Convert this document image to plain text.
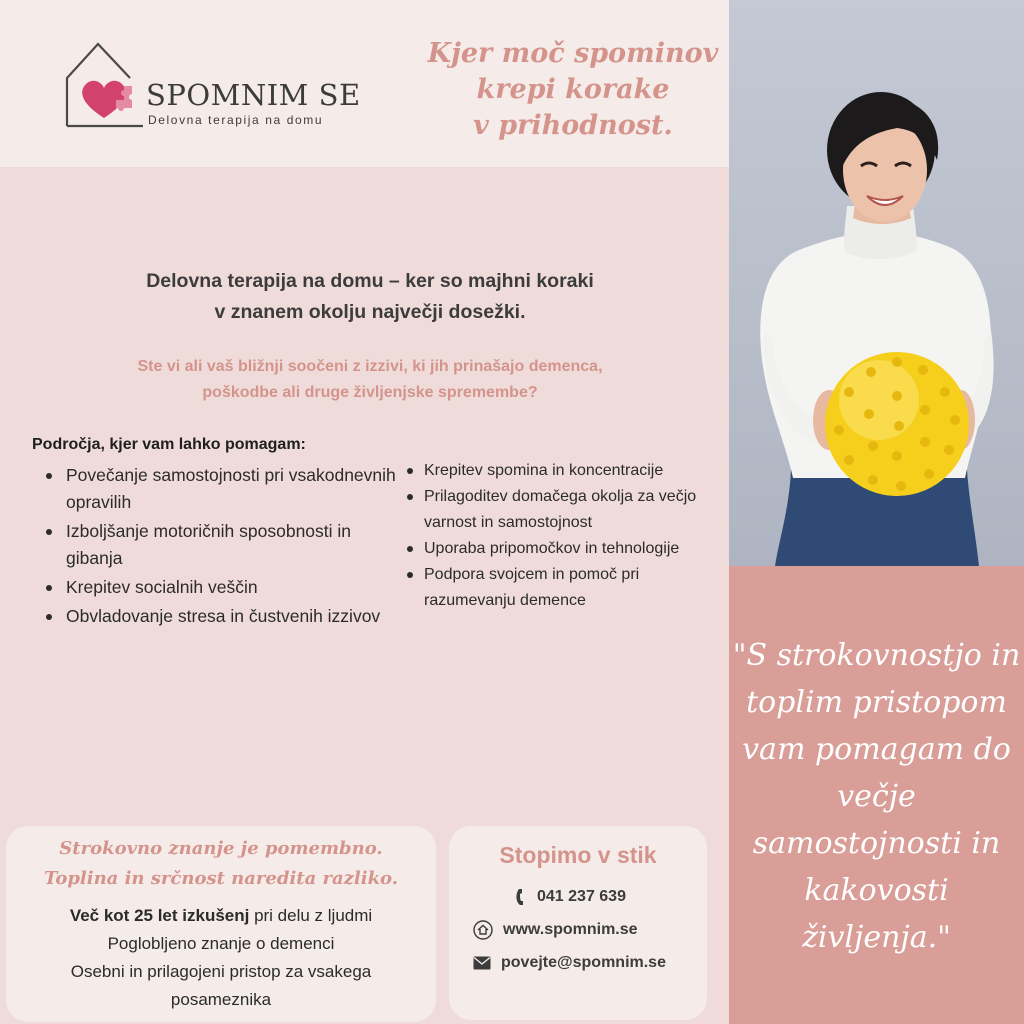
SPOMNIM SE
Delovna terapija na domu
Kjer moč spominov
krepi korake
v prihodnost.
"S strokovnostjo in toplim pristopom vam pomagam do večje samostojnosti in kakovosti življenja."
Delovna terapija na domu – ker so majhni koraki
v znanem okolju največji dosežki.
Ste vi ali vaš bližnji soočeni z izzivi, ki jih prinašajo demenca,
poškodbe ali druge življenjske spremembe?
Področja, kjer vam lahko pomagam:
Povečanje samostojnosti pri vsakodnevnih opravilih
Izboljšanje motoričnih sposobnosti in gibanja
Krepitev socialnih veščin
Obvladovanje stresa in čustvenih izzivov
Krepitev spomina in koncentracije
Prilagoditev domačega okolja za večjo varnost in samostojnost
Uporaba pripomočkov in tehnologije
Podpora svojcem in pomoč pri razumevanju demence
Strokovno znanje je pomembno.
Toplina in srčnost naredita razliko.
Več kot 25 let izkušenj pri delu z ljudmi
Poglobljeno znanje o demenci
Osebni in prilagojeni pristop za vsakega posameznika
Stopimo v stik
041 237 639
www.spomnim.se
povejte@spomnim.se
